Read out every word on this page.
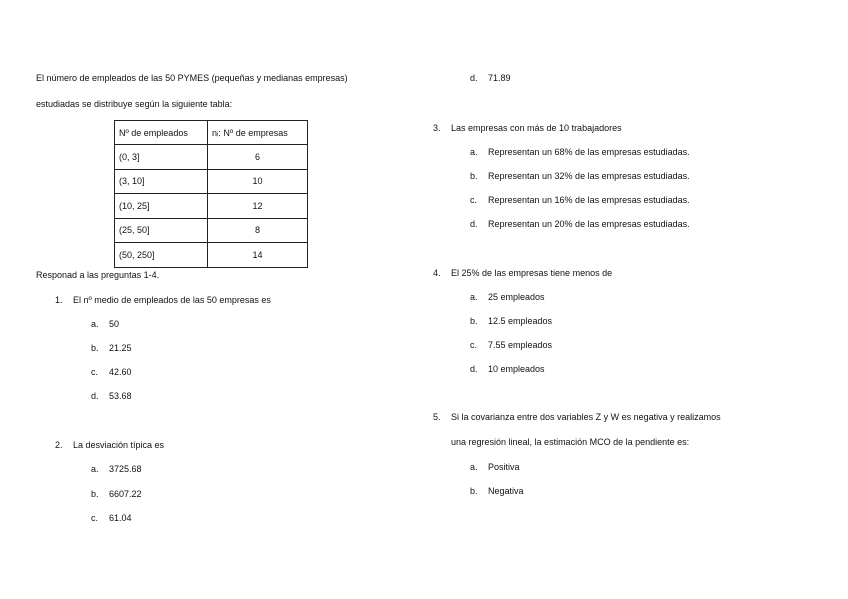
El número de empleados de las 50 PYMES (pequeñas y medianas empresas)
estudiadas se distribuye según la siguiente tabla:
Nº de empleados	nᵢ: Nº de empresas
(0, 3]	6
(3, 10]	10
(10, 25]	12
(25, 50]	8
(50, 250]	14
Responad a las preguntas 1-4.
1. El nº medio de empleados de las 50 empresas es
a. 50
b. 21.25
c. 42.60
d. 53.68
2. La desviación típica es
a. 3725.68
b. 6607.22
c. 61.04
d. 71.89
3. Las empresas con más de 10 trabajadores
a. Representan un 68% de las empresas estudiadas.
b. Representan un 32% de las empresas estudiadas.
c. Representan un 16% de las empresas estudiadas.
d. Representan un 20% de las empresas estudiadas.
4. El 25% de las empresas tiene menos de
a. 25 empleados
b. 12.5 empleados
c. 7.55 empleados
d. 10 empleados
5. Si la covarianza entre dos variables Z y W es negativa y realizamos
una regresión lineal, la estimación MCO de la pendiente es:
a. Positiva
b. Negativa
